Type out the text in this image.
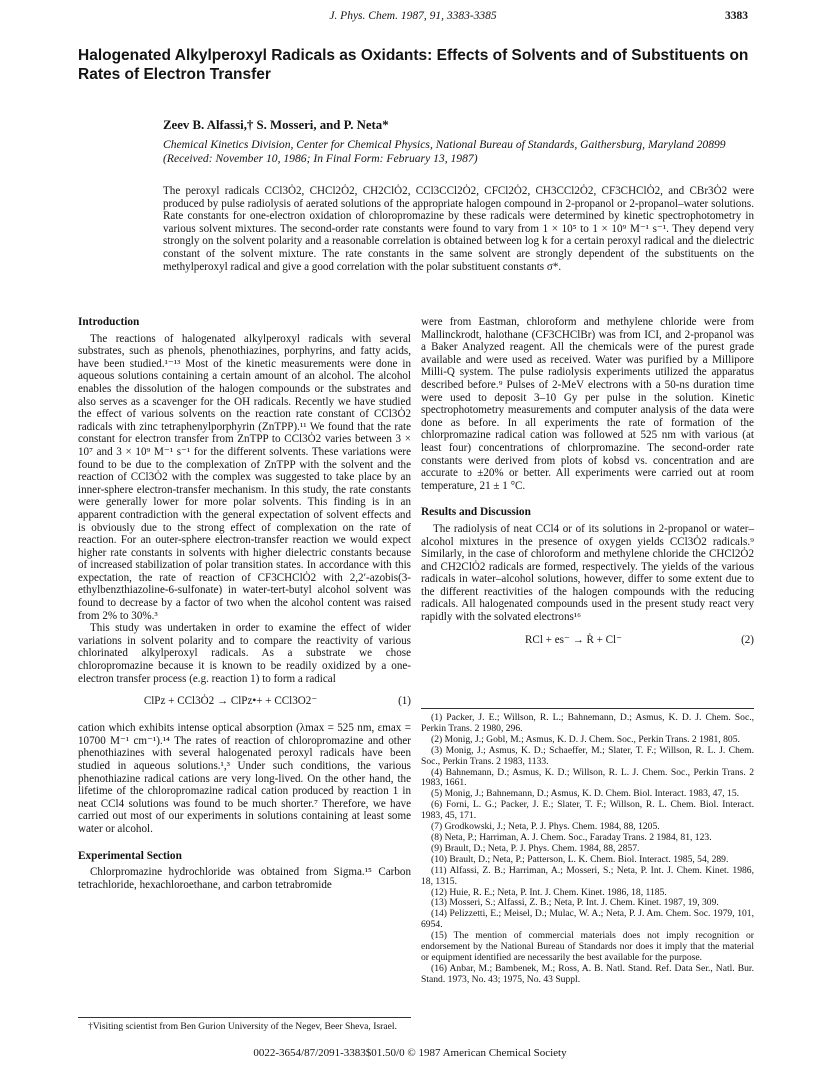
J. Phys. Chem. 1987, 91, 3383-3385	3383
Halogenated Alkylperoxyl Radicals as Oxidants: Effects of Solvents and of Substituents on Rates of Electron Transfer
Zeev B. Alfassi,† S. Mosseri, and P. Neta*
Chemical Kinetics Division, Center for Chemical Physics, National Bureau of Standards, Gaithersburg, Maryland 20899 (Received: November 10, 1986; In Final Form: February 13, 1987)

The peroxyl radicals CCl3Ȯ2, CHCl2Ȯ2, CH2ClȮ2, CCl3CCl2Ȯ2, CFCl2Ȯ2, CH3CCl2Ȯ2, CF3CHClȮ2, and CBr3Ȯ2 were produced by pulse radiolysis of aerated solutions of the appropriate halogen compound in 2-propanol or 2-propanol–water solutions. Rate constants for one-electron oxidation of chloropromazine by these radicals were determined by kinetic spectrophotometry in various solvent mixtures. The second-order rate constants were found to vary from 1 × 10⁵ to 1 × 10⁹ M⁻¹ s⁻¹. They depend very strongly on the solvent polarity and a reasonable correlation is obtained between log k for a certain peroxyl radical and the dielectric constant of the solvent mixture. The rate constants in the same solvent are strongly dependent of the substituents on the methylperoxyl radical and give a good correlation with the polar substituent constants σ*.

Introduction

The reactions of halogenated alkylperoxyl radicals with several substrates, such as phenols, phenothiazines, porphyrins, and fatty acids, have been studied.¹⁻¹³ Most of the kinetic measurements were done in aqueous solutions containing a certain amount of an alcohol. The alcohol enables the dissolution of the halogen compounds or the substrates and also serves as a scavenger for the OH radicals. Recently we have studied the effect of various solvents on the reaction rate constant of CCl3Ȯ2 radicals with zinc tetraphenylporphyrin (ZnTPP).¹¹ We found that the rate constant for electron transfer from ZnTPP to CCl3Ȯ2 varies between 3 × 10⁷ and 3 × 10⁹ M⁻¹ s⁻¹ for the different solvents. These variations were found to be due to the complexation of ZnTPP with the solvent and the reaction of CCl3Ȯ2 with the complex was suggested to take place by an inner-sphere electron-transfer mechanism. In this study, the rate constants were generally lower for more polar solvents. This finding is in an apparent contradiction with the general expectation of solvent effects and is obviously due to the strong effect of complexation on the rate of reaction. For an outer-sphere electron-transfer reaction we would expect higher rate constants in solvents with higher dielectric constants because of increased stabilization of polar transition states. In accordance with this expectation, the rate of reaction of CF3CHClȮ2 with 2,2′-azobis(3-ethylbenzthiazoline-6-sulfonate) in water-tert-butyl alcohol solvent was found to decrease by a factor of two when the alcohol content was raised from 2% to 30%.³

This study was undertaken in order to examine the effect of wider variations in solvent polarity and to compare the reactivity of various chlorinated alkylperoxyl radicals. As a substrate we chose chloropromazine because it is known to be readily oxidized by a one-electron transfer process (e.g. reaction 1) to form a radical

ClPz + CCl3Ȯ2 → ClPz•+ + CCl3O2⁻	(1)

cation which exhibits intense optical absorption (λmax = 525 nm, εmax = 10700 M⁻¹ cm⁻¹).¹⁴ The rates of reaction of chloropromazine and other phenothiazines with several halogenated peroxyl radicals have been studied in aqueous solutions.¹,³ Under such conditions, the various phenothiazine radical cations are very long-lived. On the other hand, the lifetime of the chloropromazine radical cation produced by reaction 1 in neat CCl4 solutions was found to be much shorter.⁷ Therefore, we have carried out most of our experiments in solutions containing at least some water or alcohol.

Experimental Section

Chlorpromazine hydrochloride was obtained from Sigma.¹⁵ Carbon tetrachloride, hexachloroethane, and carbon tetrabromide

were from Eastman, chloroform and methylene chloride were from Mallinckrodt, halothane (CF3CHClBr) was from ICI, and 2-propanol was a Baker Analyzed reagent. All the chemicals were of the purest grade available and were used as received. Water was purified by a Millipore Milli-Q system. The pulse radiolysis experiments utilized the apparatus described before.⁹ Pulses of 2-MeV electrons with a 50-ns duration time were used to deposit 3–10 Gy per pulse in the solution. Kinetic spectrophotometry measurements and computer analysis of the data were done as before. In all experiments the rate of formation of the chlorpromazine radical cation was followed at 525 nm with various (at least four) concentrations of chlorpromazine. The second-order rate constants were derived from plots of kobsd vs. concentration and are accurate to ±20% or better. All experiments were carried out at room temperature, 21 ± 1 °C.

Results and Discussion

The radiolysis of neat CCl4 or of its solutions in 2-propanol or water–alcohol mixtures in the presence of oxygen yields CCl3Ȯ2 radicals.⁹ Similarly, in the case of chloroform and methylene chloride the CHCl2Ȯ2 and CH2ClȮ2 radicals are formed, respectively. The yields of the various radicals in water–alcohol solutions, however, differ to some extent due to the different reactivities of the halogen compounds with the reducing radicals. All halogenated compounds used in the present study react very rapidly with the solvated electrons¹⁶

RCl + es⁻ → Ṙ + Cl⁻	(2)

(1) Packer, J. E.; Willson, R. L.; Bahnemann, D.; Asmus, K. D. J. Chem. Soc., Perkin Trans. 2 1980, 296.

(2) Monig, J.; Gobl, M.; Asmus, K. D. J. Chem. Soc., Perkin Trans. 2 1981, 805.

(3) Monig, J.; Asmus, K. D.; Schaeffer, M.; Slater, T. F.; Willson, R. L. J. Chem. Soc., Perkin Trans. 2 1983, 1133.

(4) Bahnemann, D.; Asmus, K. D.; Willson, R. L. J. Chem. Soc., Perkin Trans. 2 1983, 1661.

(5) Monig, J.; Bahnemann, D.; Asmus, K. D. Chem. Biol. Interact. 1983, 47, 15.

(6) Forni, L. G.; Packer, J. E.; Slater, T. F.; Willson, R. L. Chem. Biol. Interact. 1983, 45, 171.

(7) Grodkowski, J.; Neta, P. J. Phys. Chem. 1984, 88, 1205.

(8) Neta, P.; Harriman, A. J. Chem. Soc., Faraday Trans. 2 1984, 81, 123.

(9) Brault, D.; Neta, P. J. Phys. Chem. 1984, 88, 2857.

(10) Brault, D.; Neta, P.; Patterson, L. K. Chem. Biol. Interact. 1985, 54, 289.

(11) Alfassi, Z. B.; Harriman, A.; Mosseri, S.; Neta, P. Int. J. Chem. Kinet. 1986, 18, 1315.

(12) Huie, R. E.; Neta, P. Int. J. Chem. Kinet. 1986, 18, 1185.

(13) Mosseri, S.; Alfassi, Z. B.; Neta, P. Int. J. Chem. Kinet. 1987, 19, 309.

(14) Pelizzetti, E.; Meisel, D.; Mulac, W. A.; Neta, P. J. Am. Chem. Soc. 1979, 101, 6954.

(15) The mention of commercial materials does not imply recognition or endorsement by the National Bureau of Standards nor does it imply that the material or equipment identified are necessarily the best available for the purpose.

(16) Anbar, M.; Bambenek, M.; Ross, A. B. Natl. Stand. Ref. Data Ser., Natl. Bur. Stand. 1973, No. 43; 1975, No. 43 Suppl.

†Visiting scientist from Ben Gurion University of the Negev, Beer Sheva, Israel.

0022-3654/87/2091-3383$01.50/0 © 1987 American Chemical Society
